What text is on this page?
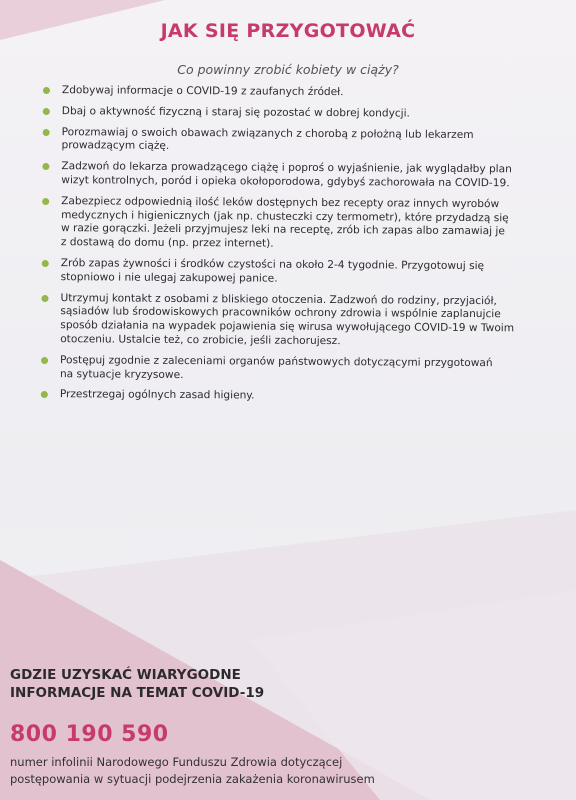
JAK SIĘ PRZYGOTOWAĆ

Co powinny zrobić kobiety w ciąży?

Zdobywaj informacje o COVID-19 z zaufanych źródeł.
Dbaj o aktywność fizyczną i staraj się pozostać w dobrej kondycji.
Porozmawiaj o swoich obawach związanych z chorobą z położną lub lekarzem
prowadzącym ciążę.
Zadzwoń do lekarza prowadzącego ciążę i poproś o wyjaśnienie, jak wyglądałby plan
wizyt kontrolnych, poród i opieka okołoporodowa, gdybyś zachorowała na COVID-19.
Zabezpiecz odpowiednią ilość leków dostępnych bez recepty oraz innych wyrobów
medycznych i higienicznych (jak np. chusteczki czy termometr), które przydadzą się
w razie gorączki. Jeżeli przyjmujesz leki na receptę, zrób ich zapas albo zamawiaj je
z dostawą do domu (np. przez internet).
Zrób zapas żywności i środków czystości na około 2-4 tygodnie. Przygotowuj się
stopniowo i nie ulegaj zakupowej panice.
Utrzymuj kontakt z osobami z bliskiego otoczenia. Zadzwoń do rodziny, przyjaciół,
sąsiadów lub środowiskowych pracowników ochrony zdrowia i wspólnie zaplanujcie
sposób działania na wypadek pojawienia się wirusa wywołującego COVID-19 w Twoim
otoczeniu. Ustalcie też, co zrobicie, jeśli zachorujesz.
Postępuj zgodnie z zaleceniami organów państwowych dotyczącymi przygotowań
na sytuacje kryzysowe.
Przestrzegaj ogólnych zasad higieny.

GDZIE UZYSKAĆ WIARYGODNE
INFORMACJE NA TEMAT COVID-19

800 190 590

numer infolinii Narodowego Funduszu Zdrowia dotyczącej
postępowania w sytuacji podejrzenia zakażenia koronawirusem
